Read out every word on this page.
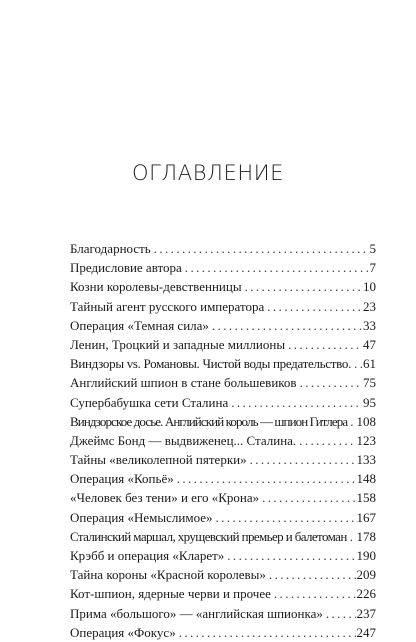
ОГЛАВЛЕНИЕ
Благодарность .....	5
Предисловие автора .....	7
Козни королевы-девственницы .....	10
Тайный агент русского императора .....	23
Операция «Темная сила» .....	33
Ленин, Троцкий и западные миллионы .....	47
Виндзоры vs. Романовы. Чистой воды предательство. ..... 61
Английский шпион в стане большевиков .....	75
Супербабушка сети Сталина .....	95
Виндзорское досье. Английский король — шпион Гитлера ..... 108
Джеймс Бонд — выдвиженец... Сталина. .....	123
Тайны «великолепной пятерки» .....	133
Операция «Копьё» .....	148
«Человек без тени» и его «Крона» .....	158
Операция «Немыслимое» .....	167
Сталинский маршал, хрущевский премьер и балетоман ..... 178
Крэбб и операция «Кларет» .....	190
Тайна короны «Красной королевы» .....	209
Кот-шпион, ядерные черви и прочее .....	226
Прима «большого» — «английская шпионка» .....	237
Операция «Фокус» .....	247
